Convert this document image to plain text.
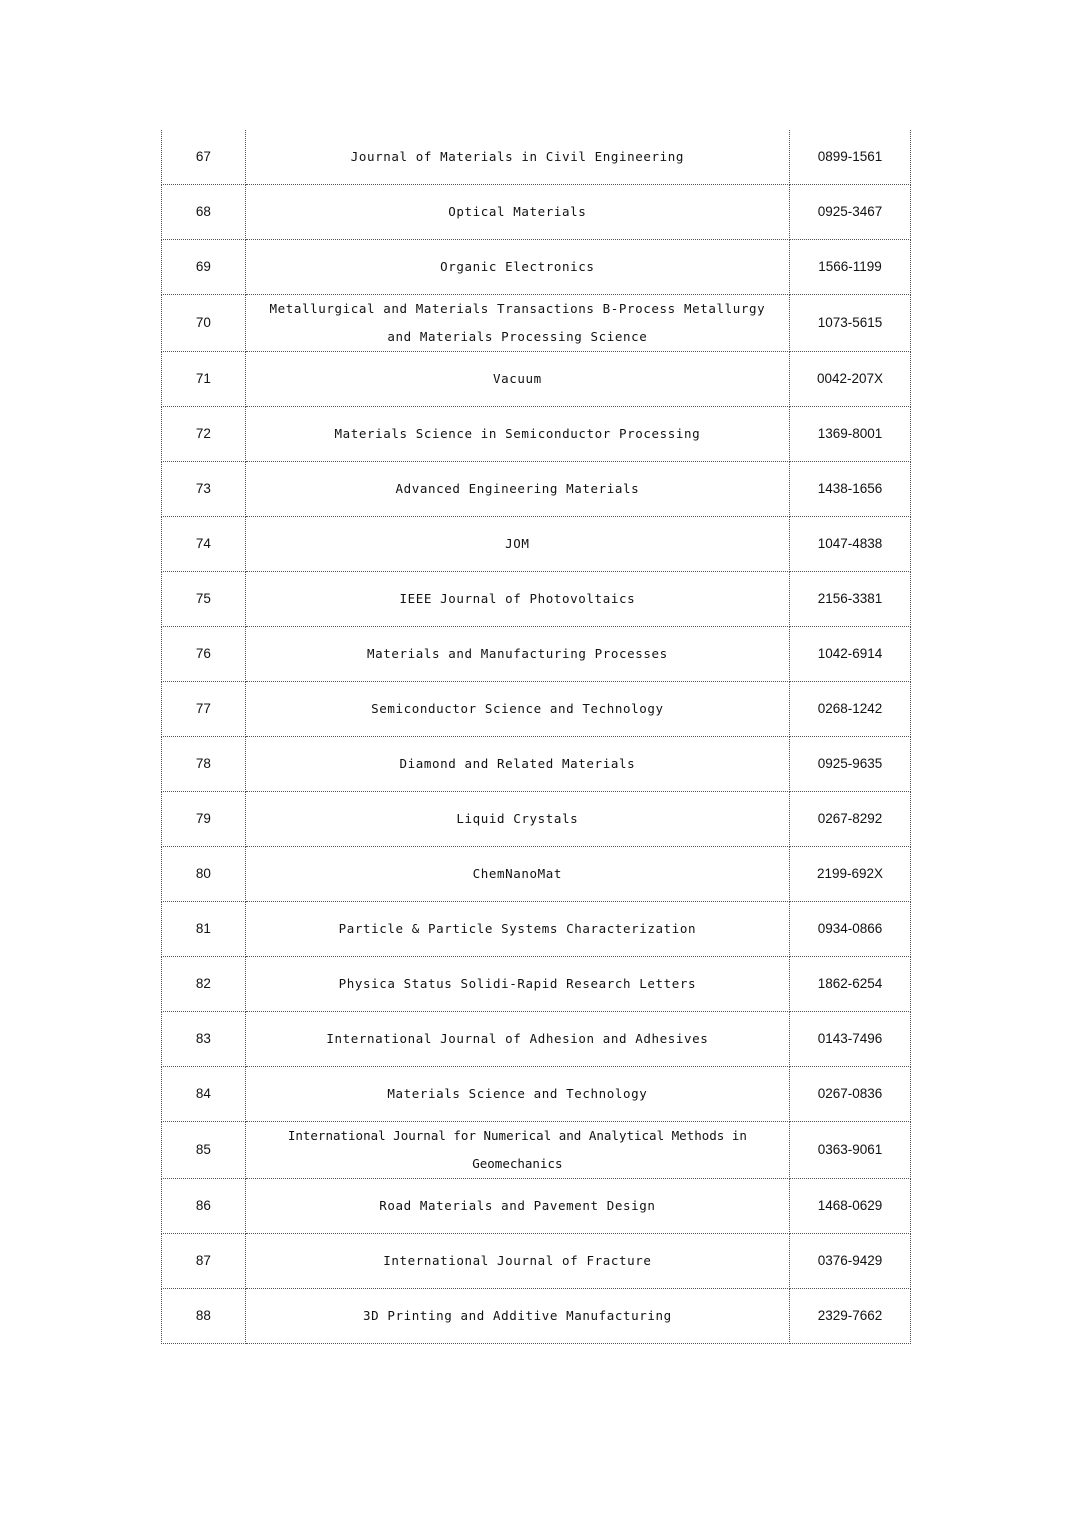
67	Journal of Materials in Civil Engineering	0899-1561
68	Optical Materials	0925-3467
69	Organic Electronics	1566-1199
70	Metallurgical and Materials Transactions B-Process Metallurgy and Materials Processing Science	1073-5615
71	Vacuum	0042-207X
72	Materials Science in Semiconductor Processing	1369-8001
73	Advanced Engineering Materials	1438-1656
74	JOM	1047-4838
75	IEEE Journal of Photovoltaics	2156-3381
76	Materials and Manufacturing Processes	1042-6914
77	Semiconductor Science and Technology	0268-1242
78	Diamond and Related Materials	0925-9635
79	Liquid Crystals	0267-8292
80	ChemNanoMat	2199-692X
81	Particle & Particle Systems Characterization	0934-0866
82	Physica Status Solidi-Rapid Research Letters	1862-6254
83	International Journal of Adhesion and Adhesives	0143-7496
84	Materials Science and Technology	0267-0836
85	International Journal for Numerical and Analytical Methods in Geomechanics	0363-9061
86	Road Materials and Pavement Design	1468-0629
87	International Journal of Fracture	0376-9429
88	3D Printing and Additive Manufacturing	2329-7662
